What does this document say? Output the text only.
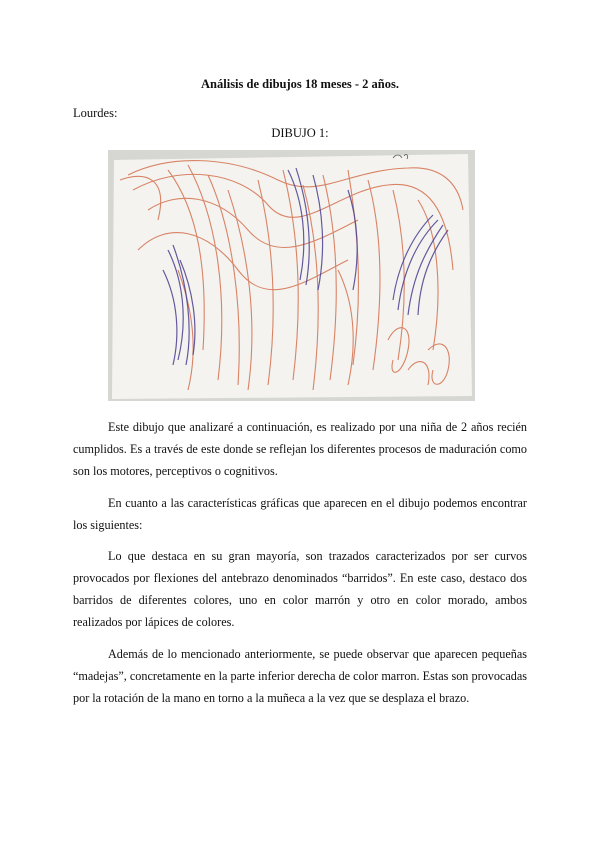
Análisis de dibujos 18 meses - 2 años.
Lourdes:
DIBUJO 1:

Este dibujo que analizaré a continuación, es realizado por una niña de 2 años recién cumplidos. Es a través de este donde se reflejan los diferentes procesos de maduración como son los motores, perceptivos o cognitivos.

En cuanto a las características gráficas que aparecen en el dibujo podemos encontrar los siguientes:

Lo que destaca en su gran mayoría, son trazados caracterizados por ser curvos provocados por flexiones del antebrazo denominados “barridos”. En este caso, destaco dos barridos de diferentes colores, uno en color marrón y otro en color morado, ambos realizados por lápices de colores.

Además de lo mencionado anteriormente, se puede observar que aparecen pequeñas “madejas”, concretamente en la parte inferior derecha de color marron. Estas son provocadas por la rotación de la mano en torno a la muñeca a la vez que se desplaza el brazo.
